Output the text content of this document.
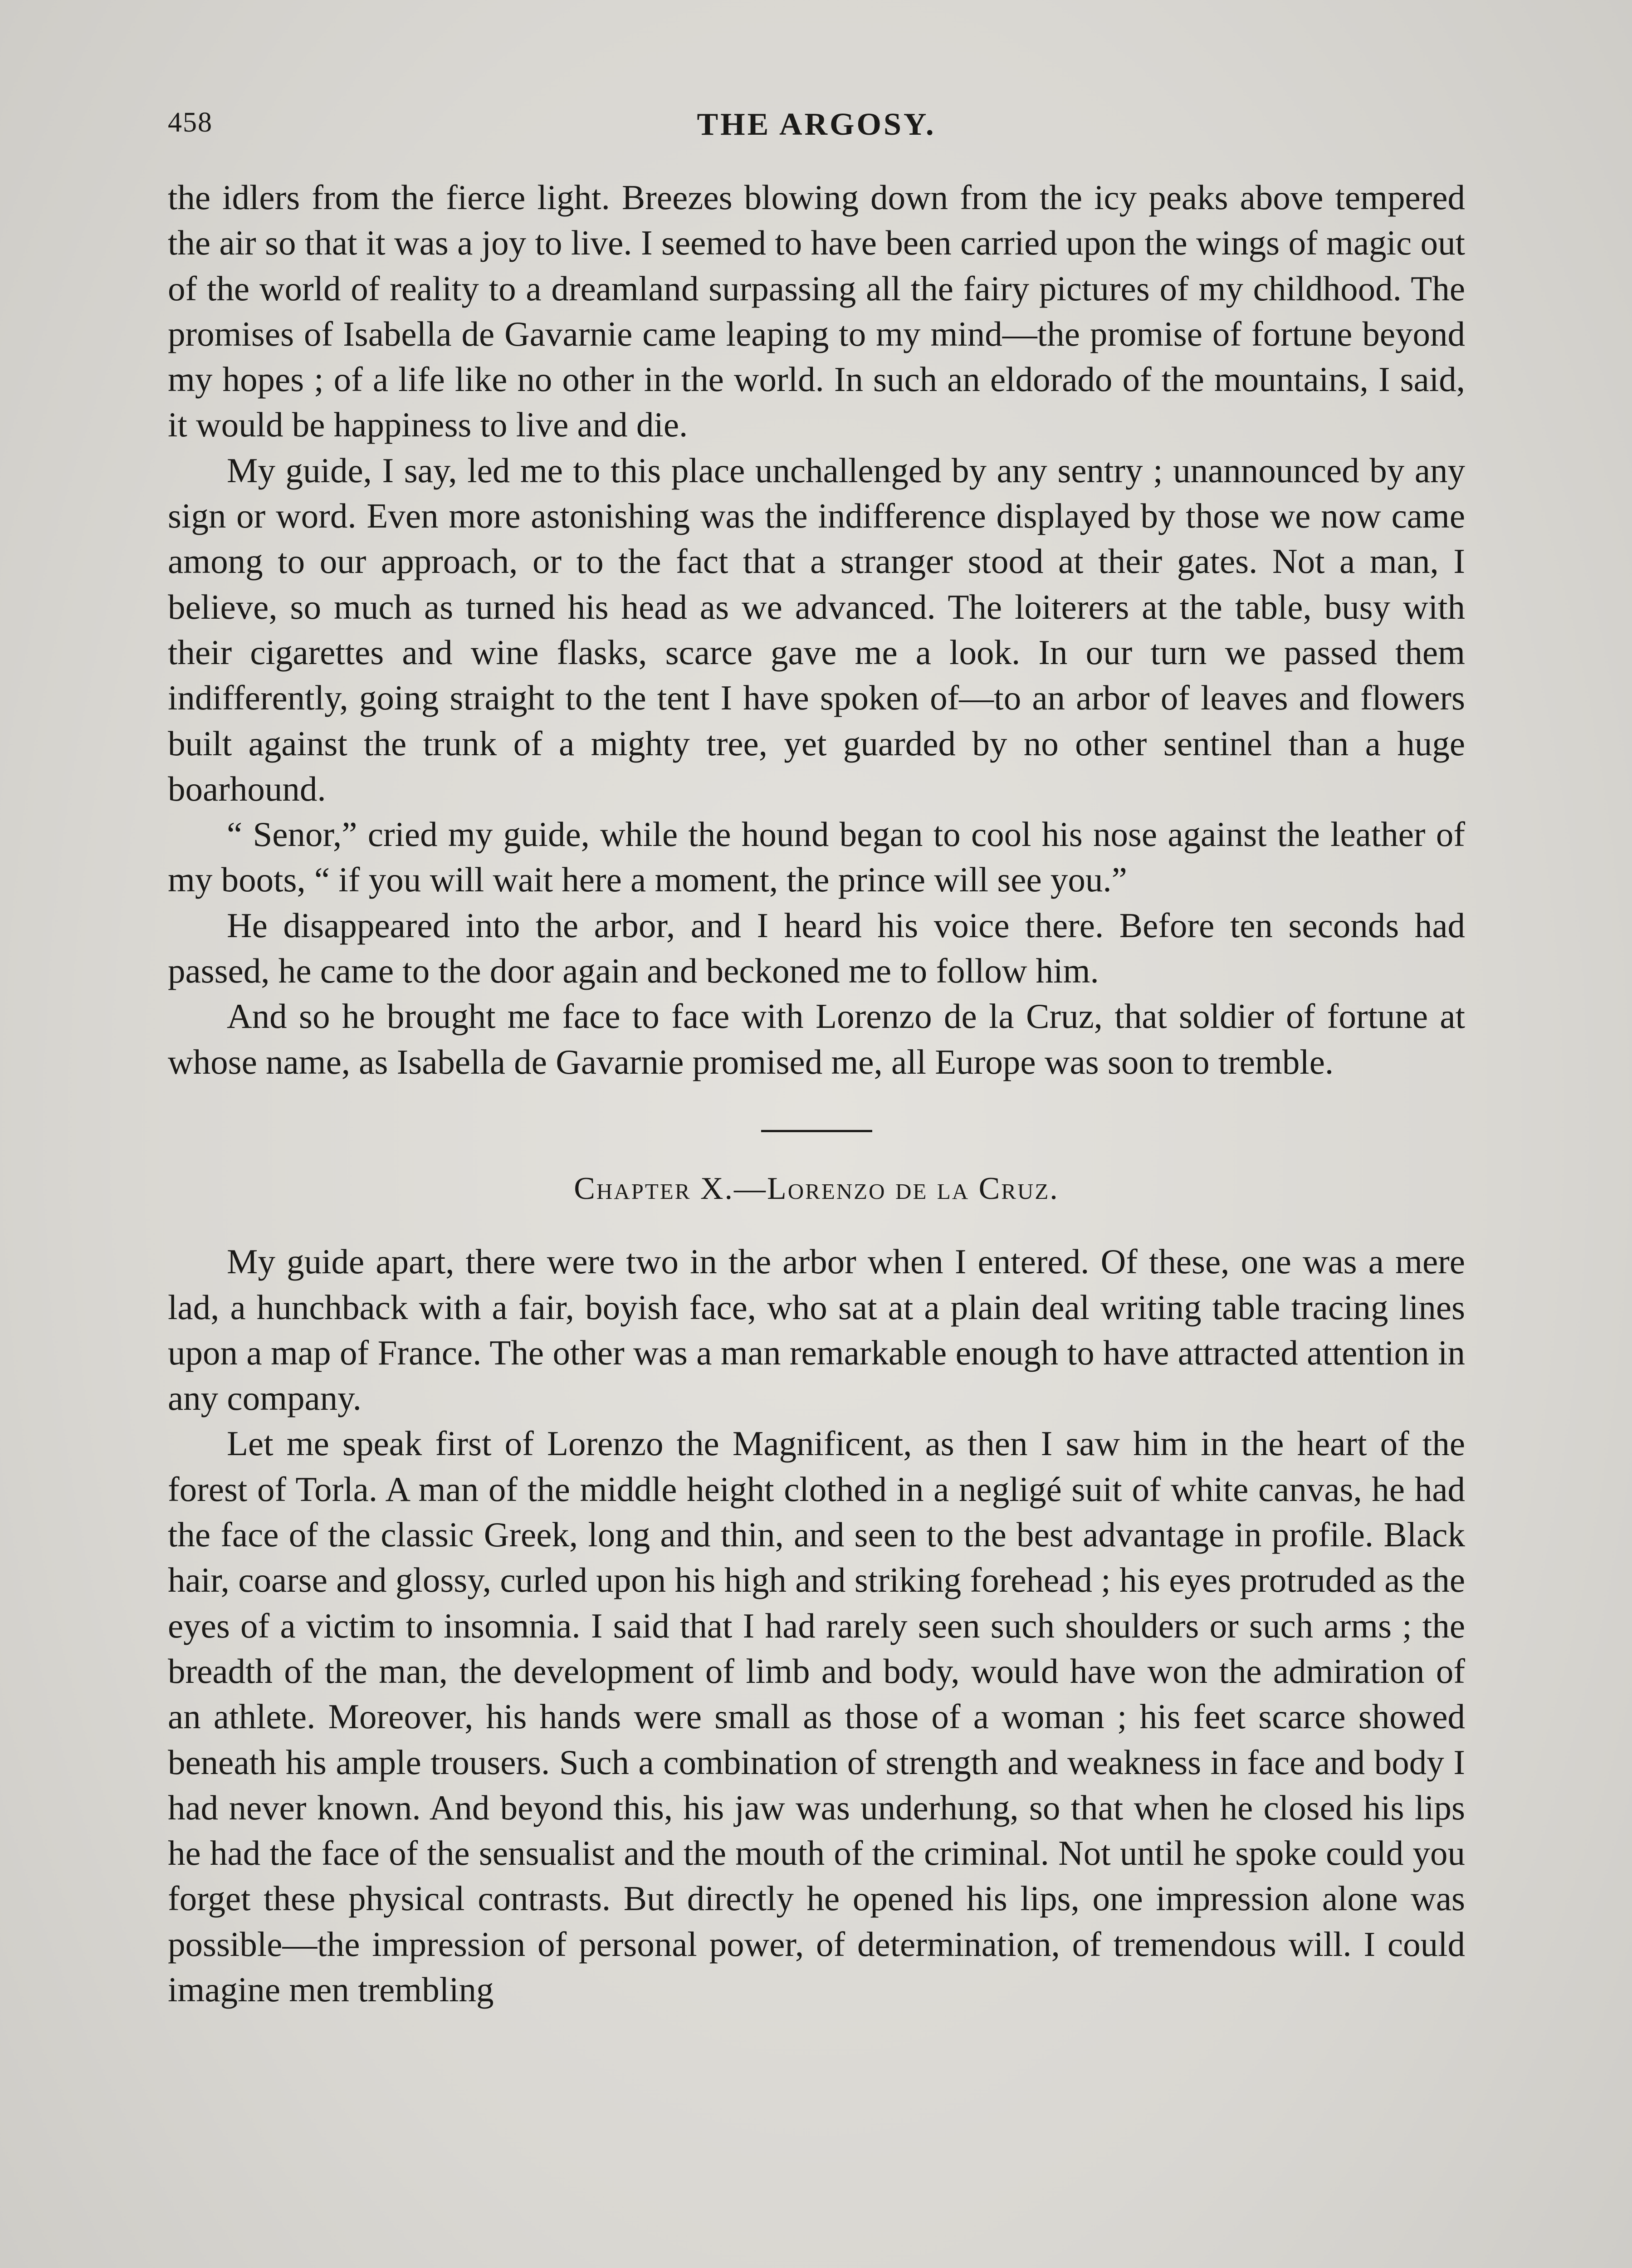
458	THE ARGOSY.

the idlers from the fierce light. Breezes blowing down from the icy peaks above tempered the air so that it was a joy to live. I seemed to have been carried upon the wings of magic out of the world of reality to a dreamland surpassing all the fairy pictures of my childhood. The promises of Isabella de Gavarnie came leaping to my mind—the promise of fortune beyond my hopes ; of a life like no other in the world. In such an eldorado of the mountains, I said, it would be happiness to live and die.

My guide, I say, led me to this place unchallenged by any sentry ; unannounced by any sign or word. Even more astonishing was the indifference displayed by those we now came among to our approach, or to the fact that a stranger stood at their gates. Not a man, I believe, so much as turned his head as we advanced. The loiterers at the table, busy with their cigarettes and wine flasks, scarce gave me a look. In our turn we passed them indifferently, going straight to the tent I have spoken of—to an arbor of leaves and flowers built against the trunk of a mighty tree, yet guarded by no other sentinel than a huge boarhound.

“ Senor,” cried my guide, while the hound began to cool his nose against the leather of my boots, “ if you will wait here a moment, the prince will see you.”

He disappeared into the arbor, and I heard his voice there. Before ten seconds had passed, he came to the door again and beckoned me to follow him.

And so he brought me face to face with Lorenzo de la Cruz, that soldier of fortune at whose name, as Isabella de Gavarnie promised me, all Europe was soon to tremble.

Chapter X.—Lorenzo de la Cruz.

My guide apart, there were two in the arbor when I entered. Of these, one was a mere lad, a hunchback with a fair, boyish face, who sat at a plain deal writing table tracing lines upon a map of France. The other was a man remarkable enough to have attracted attention in any company.

Let me speak first of Lorenzo the Magnificent, as then I saw him in the heart of the forest of Torla. A man of the middle height clothed in a negligé suit of white canvas, he had the face of the classic Greek, long and thin, and seen to the best advantage in profile. Black hair, coarse and glossy, curled upon his high and striking forehead ; his eyes protruded as the eyes of a victim to insomnia. I said that I had rarely seen such shoulders or such arms ; the breadth of the man, the development of limb and body, would have won the admiration of an athlete. Moreover, his hands were small as those of a woman ; his feet scarce showed beneath his ample trousers. Such a combination of strength and weakness in face and body I had never known. And beyond this, his jaw was underhung, so that when he closed his lips he had the face of the sensualist and the mouth of the criminal. Not until he spoke could you forget these physical contrasts. But directly he opened his lips, one impression alone was possible—the impression of personal power, of determination, of tremendous will. I could imagine men trembling
